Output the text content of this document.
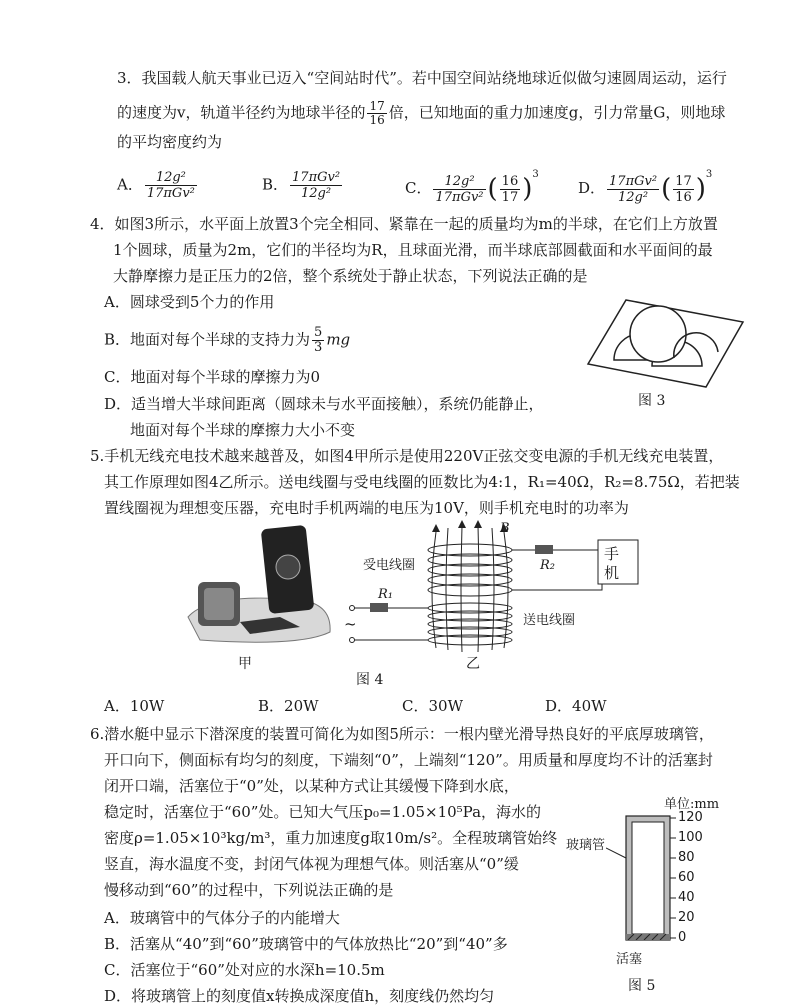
3．我国载人航天事业已迈入“空间站时代”。若中国空间站绕地球近似做匀速圆周运动，运行
的速度为v，轨道半径约为地球半径的 $\frac{17}{16}$ 倍，已知地面的重力加速度g，引力常量G，则地球
的平均密度约为
A． $\frac{\text{12g²}}{\text{17πGv²}}$	B． $\frac{\text{17πGv²}}{\text{12g²}}$	C． $\frac{\text{12g²}}{\text{17πGv²}}$ ( $\frac{16}{17} )^3$
D． $\frac{\text{17πGv²}}{\text{12g²}}$ ( $\frac{17}{16} )^3$
4．如图3所示，水平面上放置3个完全相同、紧靠在一起的质量均为m的半球，在它们上方放置
1个圆球，质量为2m，它们的半径均为R，且球面光滑，而半球底部圆截面和水平面间的最
大静摩擦力是正压力的2倍，整个系统处于静止状态，下列说法正确的是
A．圆球受到5个力的作用
B．地面对每个半球的支持力为 $\frac{5}{3}$ mg
C．地面对每个半球的摩擦力为0
D．适当增大半球间距离（圆球未与水平面接触），系统仍能静止，
地面对每个半球的摩擦力大小不变
图 3
5.手机无线充电技术越来越普及，如图4甲所示是使用220V正弦交变电源的手机无线充电装置，
其工作原理如图4乙所示。送电线圈与受电线圈的匝数比为4:1，R₁=40Ω，R₂=8.75Ω，若把装
置线圈视为理想变压器，充电时手机两端的电压为10V，则手机充电时的功率为
甲
B
受电线圈
送电线圈
R₁
R₂
手
机
~
乙
图 4
A．10W	B．20W	C．30W	D．40W
6.潜水艇中显示下潜深度的装置可简化为如图5所示：一根内壁光滑导热良好的平底厚玻璃管，
开口向下，侧面标有均匀的刻度，下端刻“0”，上端刻“120”。用质量和厚度均不计的活塞封
闭开口端，活塞位于“0”处，以某种方式让其缓慢下降到水底，
稳定时，活塞位于“60”处。已知大气压p₀=1.05×10⁵Pa，海水的
密度ρ=1.05×10³kg/m³，重力加速度g取10m/s²。全程玻璃管始终
竖直，海水温度不变，封闭气体视为理想气体。则活塞从“0”缓
慢移动到“60”的过程中，下列说法正确的是
A．玻璃管中的气体分子的内能增大
B．活塞从“40”到“60”玻璃管中的气体放热比“20”到“40”多
C．活塞位于“60”处对应的水深h=10.5m
D．将玻璃管上的刻度值x转换成深度值h，刻度线仍然均匀
单位:mm
120
100
80
60
40
20
0
玻璃管
活塞
图 5
